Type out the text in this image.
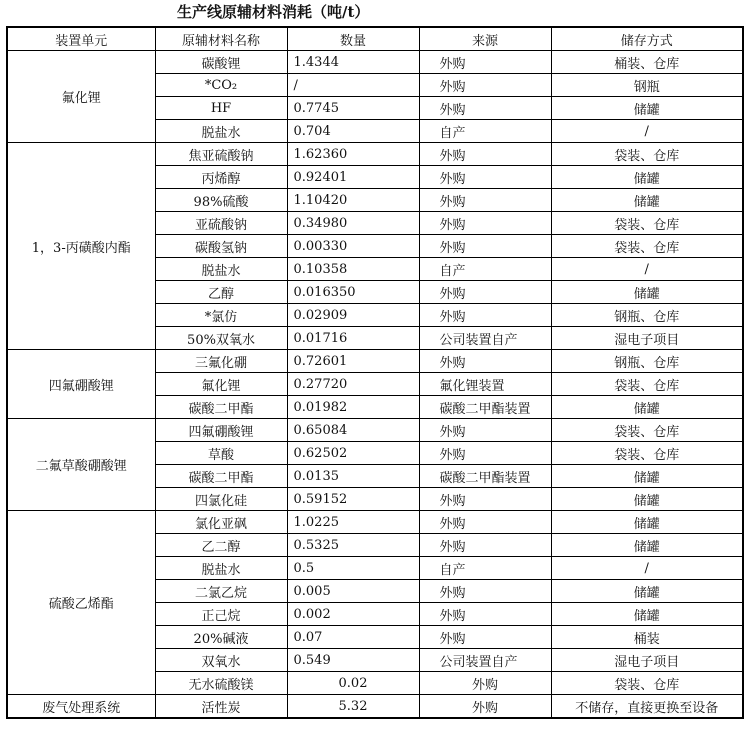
生产线原辅材料消耗（吨/t）
装置单元	原辅材料名称	数量	来源	储存方式
氟化锂	碳酸锂	1.4344	外购	桶装、仓库
	*CO₂	/	外购	钢瓶
	HF	0.7745	外购	储罐
	脱盐水	0.704	自产	/
1，3-丙磺酸内酯	焦亚硫酸钠	1.62360	外购	袋装、仓库
	丙烯醇	0.92401	外购	储罐
	98%硫酸	1.10420	外购	储罐
	亚硫酸钠	0.34980	外购	袋装、仓库
	碳酸氢钠	0.00330	外购	袋装、仓库
	脱盐水	0.10358	自产	/
	乙醇	0.016350	外购	储罐
	*氯仿	0.02909	外购	钢瓶、仓库
	50%双氧水	0.01716	公司装置自产	湿电子项目
四氟硼酸锂	三氟化硼	0.72601	外购	钢瓶、仓库
	氟化锂	0.27720	氟化锂装置	袋装、仓库
	碳酸二甲酯	0.01982	碳酸二甲酯装置	储罐
二氟草酸硼酸锂	四氟硼酸锂	0.65084	外购	袋装、仓库
	草酸	0.62502	外购	袋装、仓库
	碳酸二甲酯	0.0135	碳酸二甲酯装置	储罐
	四氯化硅	0.59152	外购	储罐
硫酸乙烯酯	氯化亚砜	1.0225	外购	储罐
	乙二醇	0.5325	外购	储罐
	脱盐水	0.5	自产	/
	二氯乙烷	0.005	外购	储罐
	正己烷	0.002	外购	储罐
	20%碱液	0.07	外购	桶装
	双氧水	0.549	公司装置自产	湿电子项目
	无水硫酸镁	0.02	外购	袋装、仓库
废气处理系统	活性炭	5.32	外购	不储存，直接更换至设备
